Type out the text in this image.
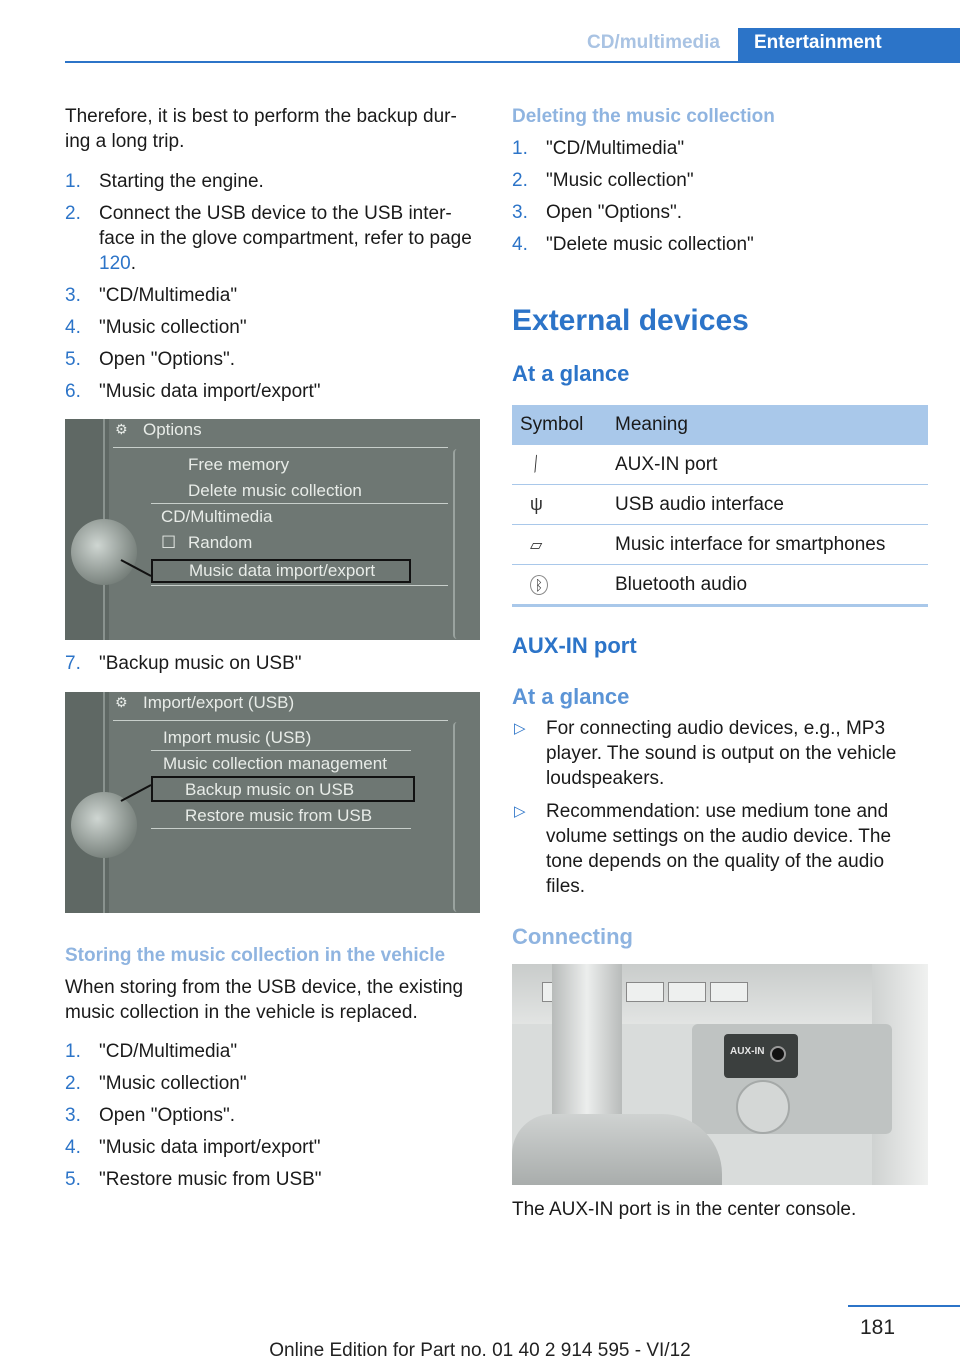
CD/multimedia	Entertainment
Therefore, it is best to perform the backup dur-ing a long trip.
1. Starting the engine.
2. Connect the USB device to the USB inter-face in the glove compartment, refer to page 120.
3. "CD/Multimedia"
4. "Music collection"
5. Open "Options".
6. "Music data import/export"
⚙ Options
Free memory
Delete music collection
CD/Multimedia
☐ Random
Music data import/export
7. "Backup music on USB"
⚙ Import/export (USB)
Import music (USB)
Music collection management
Backup music on USB
Restore music from USB
Storing the music collection in the vehicle
When storing from the USB device, the existing music collection in the vehicle is replaced.
1. "CD/Multimedia"
2. "Music collection"
3. Open "Options".
4. "Music data import/export"
5. "Restore music from USB"
Deleting the music collection
1. "CD/Multimedia"
2. "Music collection"
3. Open "Options".
4. "Delete music collection"
External devices
At a glance
Symbol	Meaning
⟋	AUX-IN port
ψ	USB audio interface
▱	Music interface for smartphones
ᛒ	Bluetooth audio
AUX-IN port
At a glance
▷ For connecting audio devices, e.g., MP3 player. The sound is output on the vehicle loudspeakers.
▷ Recommendation: use medium tone and volume settings on the audio device. The tone depends on the quality of the audio files.
Connecting
AUX-IN
The AUX-IN port is in the center console.
181
Online Edition for Part no. 01 40 2 914 595 - VI/12
